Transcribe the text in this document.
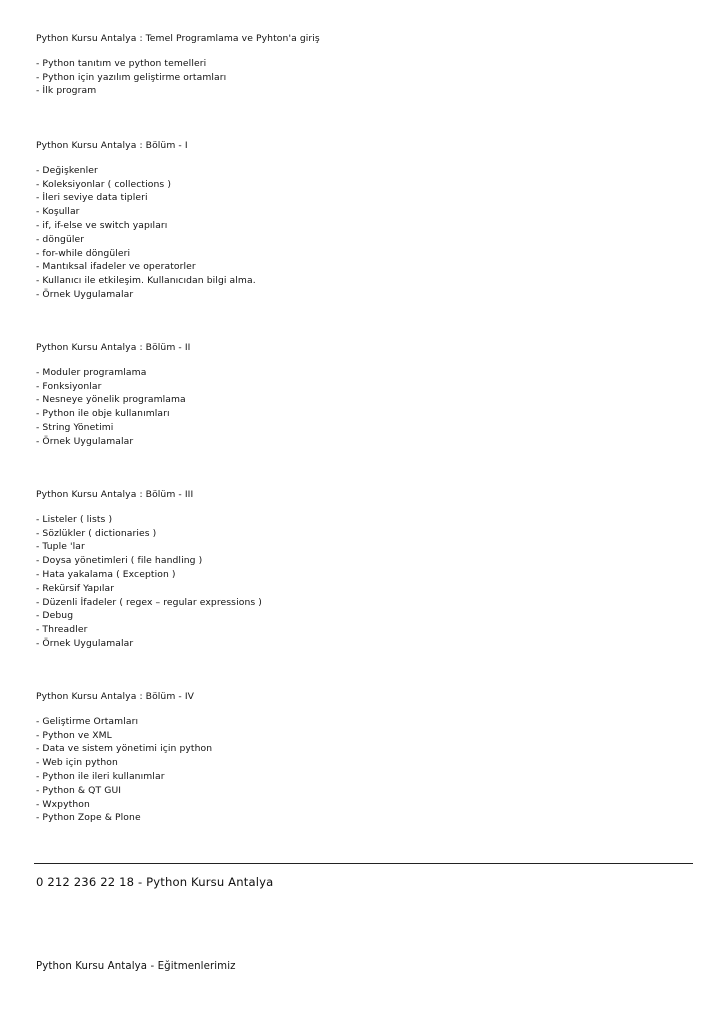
Python Kursu Antalya : Temel Programlama ve Pyhton'a giriş
- Python tanıtım ve python temelleri
- Python için yazılım geliştirme ortamları
- İlk program
Python Kursu Antalya : Bölüm - I
- Değişkenler
- Koleksiyonlar ( collections )
- İleri seviye data tipleri
- Koşullar
- if, if-else ve switch yapıları
- döngüler
- for-while döngüleri
- Mantıksal ifadeler ve operatorler
- Kullanıcı ile etkileşim. Kullanıcıdan bilgi alma.
- Örnek Uygulamalar
Python Kursu Antalya : Bölüm - II
- Moduler programlama
- Fonksiyonlar
- Nesneye yönelik programlama
- Python ile obje kullanımları
- String Yönetimi
- Örnek Uygulamalar
Python Kursu Antalya : Bölüm - III
- Listeler ( lists )
- Sözlükler ( dictionaries )
- Tuple 'lar
- Doysa yönetimleri ( file handling )
- Hata yakalama ( Exception )
- Rekürsif Yapılar
- Düzenli İfadeler ( regex – regular expressions )
- Debug
- Threadler
- Örnek Uygulamalar
Python Kursu Antalya : Bölüm - IV
- Geliştirme Ortamları
- Python ve XML
- Data ve sistem yönetimi için python
- Web için python
- Python ile ileri kullanımlar
- Python & QT GUI
- Wxpython
- Python Zope & Plone
0 212 236 22 18 - Python Kursu Antalya
Python Kursu Antalya - Eğitmenlerimiz
